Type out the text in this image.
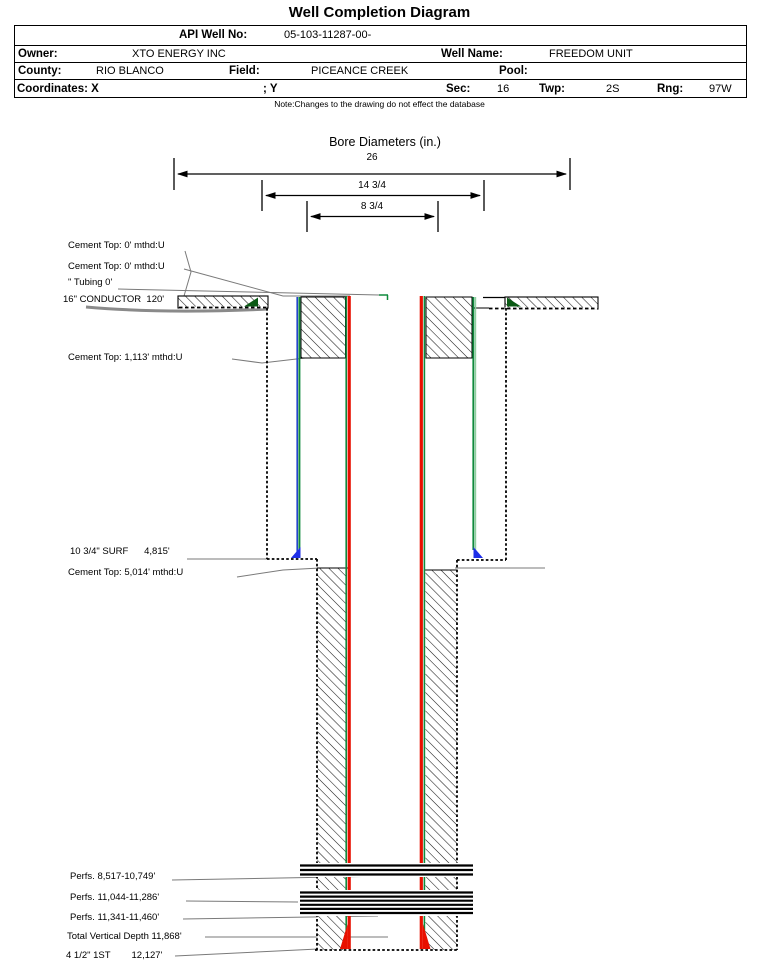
Well Completion Diagram
API Well No:	05-103-11287-00-
Owner:	XTO ENERGY INC	Well Name:	FREEDOM UNIT
County:	RIO BLANCO	Field:	PICEANCE CREEK	Pool:
Coordinates: X	; Y	Sec: 16	Twp:	2S	Rng: 97W
Note:Changes to the drawing do not effect the database
Bore Diameters (in.)
26
14 3/4
8 3/4
Cement Top: 0' mthd:U
Cement Top: 0' mthd:U
" Tubing 0'
16" CONDUCTOR  120'
Cement Top: 1,113' mthd:U
10 3/4" SURF      4,815'
Cement Top: 5,014' mthd:U
Perfs. 8,517-10,749'
Perfs. 11,044-11,286'
Perfs. 11,341-11,460'
Total Vertical Depth 11,868'
4 1/2" 1ST        12,127'
